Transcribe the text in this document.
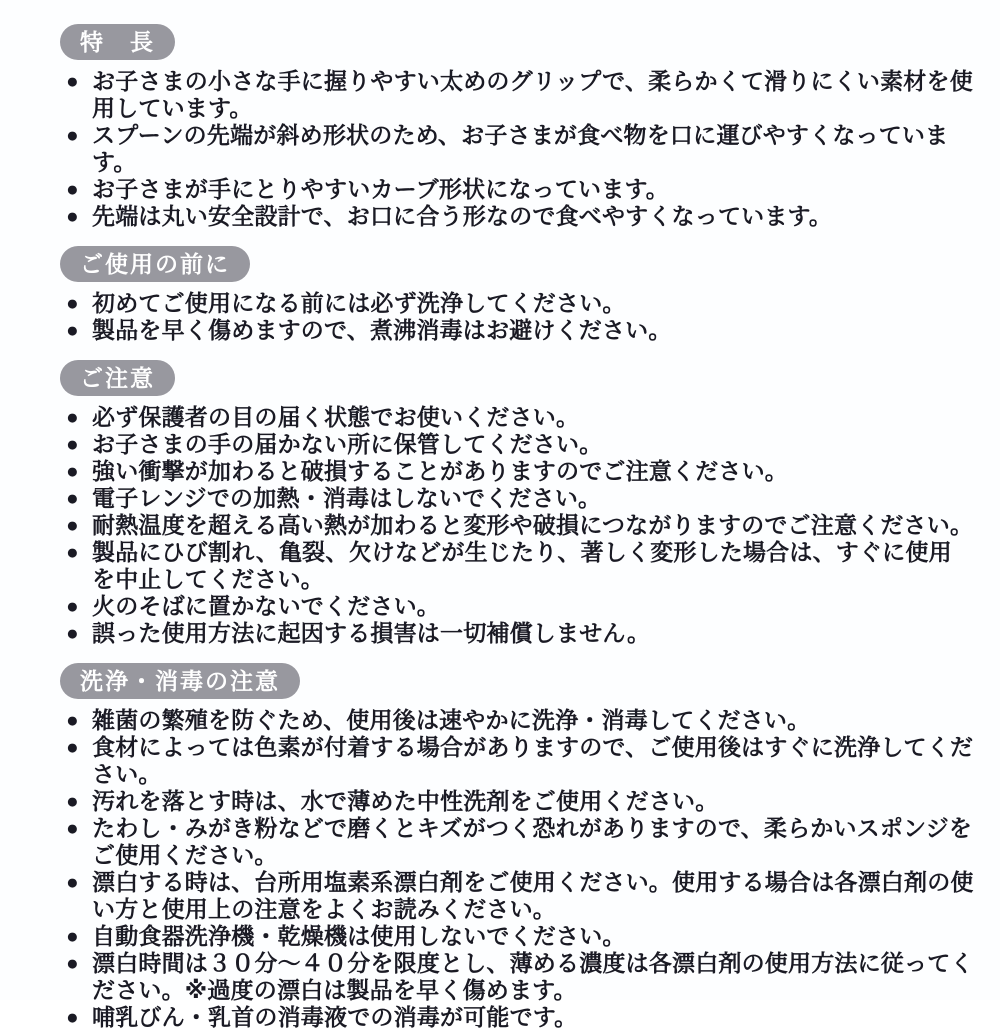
特　長
● お子さまの小さな手に握りやすい太めのグリップで、柔らかくて滑りにくい素材を使用しています。
● スプーンの先端が斜め形状のため、お子さまが食べ物を口に運びやすくなっています。
● お子さまが手にとりやすいカーブ形状になっています。
● 先端は丸い安全設計で、お口に合う形なので食べやすくなっています。
ご使用の前に
● 初めてご使用になる前には必ず洗浄してください。
● 製品を早く傷めますので、煮沸消毒はお避けください。
ご注意
● 必ず保護者の目の届く状態でお使いください。
● お子さまの手の届かない所に保管してください。
● 強い衝撃が加わると破損することがありますのでご注意ください。
● 電子レンジでの加熱・消毒はしないでください。
● 耐熱温度を超える高い熱が加わると変形や破損につながりますのでご注意ください。
● 製品にひび割れ、亀裂、欠けなどが生じたり、著しく変形した場合は、すぐに使用を中止してください。
● 火のそばに置かないでください。
● 誤った使用方法に起因する損害は一切補償しません。
洗浄・消毒の注意
● 雑菌の繁殖を防ぐため、使用後は速やかに洗浄・消毒してください。
● 食材によっては色素が付着する場合がありますので、ご使用後はすぐに洗浄してください。
● 汚れを落とす時は、水で薄めた中性洗剤をご使用ください。
● たわし・みがき粉などで磨くとキズがつく恐れがありますので、柔らかいスポンジをご使用ください。
● 漂白する時は、台所用塩素系漂白剤をご使用ください。使用する場合は各漂白剤の使い方と使用上の注意をよくお読みください。
● 自動食器洗浄機・乾燥機は使用しないでください。
● 漂白時間は３０分～４０分を限度とし、薄める濃度は各漂白剤の使用方法に従ってください。※過度の漂白は製品を早く傷めます。
● 哺乳びん・乳首の消毒液での消毒が可能です。
